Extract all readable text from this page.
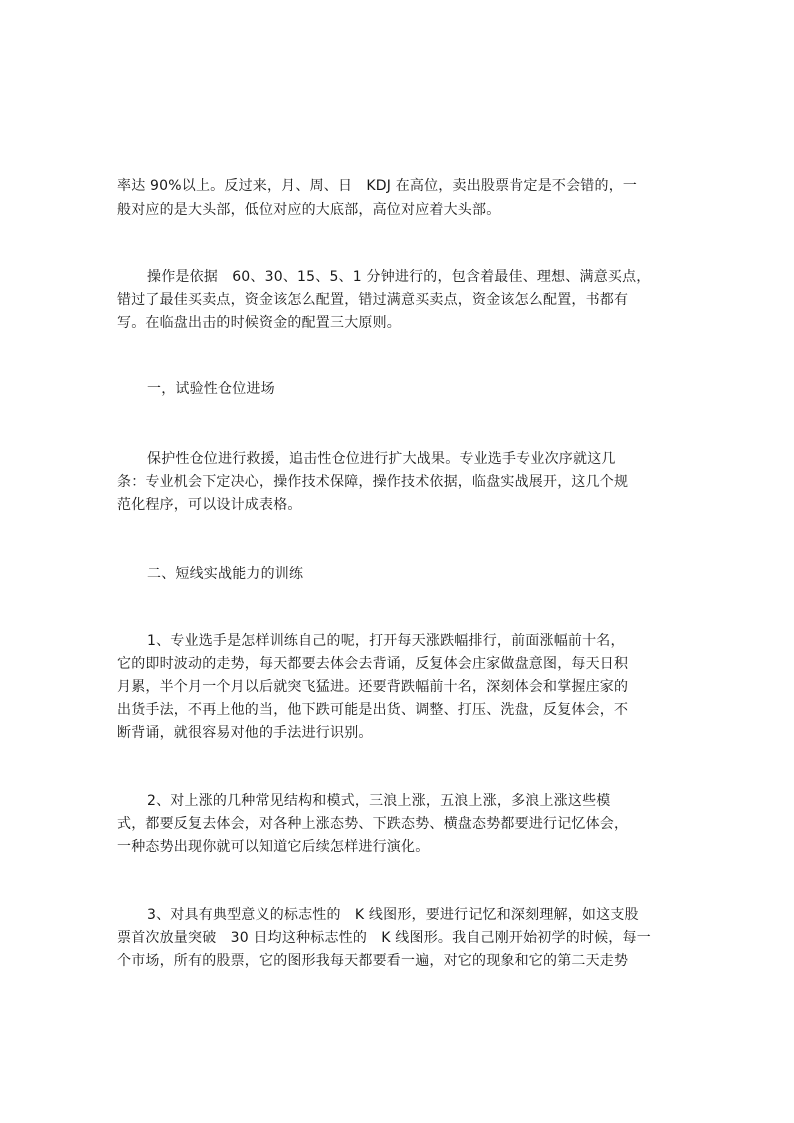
率达 90%以上。反过来，月、周、日　KDJ 在高位，卖出股票肯定是不会错的，一
般对应的是大头部，低位对应的大底部，高位对应着大头部。
操作是依据　60、30、15、5、1 分钟进行的，包含着最佳、理想、满意买点，
错过了最佳买卖点，资金该怎么配置，错过满意买卖点，资金该怎么配置，书都有
写。在临盘出击的时候资金的配置三大原则。
一，试验性仓位进场
保护性仓位进行救援，追击性仓位进行扩大战果。专业选手专业次序就这几
条：专业机会下定决心，操作技术保障，操作技术依据，临盘实战展开，这几个规
范化程序，可以设计成表格。
二、短线实战能力的训练
1、专业选手是怎样训练自己的呢，打开每天涨跌幅排行，前面涨幅前十名，
它的即时波动的走势，每天都要去体会去背诵，反复体会庄家做盘意图，每天日积
月累，半个月一个月以后就突飞猛进。还要背跌幅前十名，深刻体会和掌握庄家的
出货手法，不再上他的当，他下跌可能是出货、调整、打压、洗盘，反复体会，不
断背诵，就很容易对他的手法进行识别。
2、对上涨的几种常见结构和模式，三浪上涨，五浪上涨，多浪上涨这些模
式，都要反复去体会，对各种上涨态势、下跌态势、横盘态势都要进行记忆体会，
一种态势出现你就可以知道它后续怎样进行演化。
3、对具有典型意义的标志性的　K 线图形，要进行记忆和深刻理解，如这支股
票首次放量突破　30 日均这种标志性的　K 线图形。我自己刚开始初学的时候，每一
个市场，所有的股票，它的图形我每天都要看一遍，对它的现象和它的第二天走势
